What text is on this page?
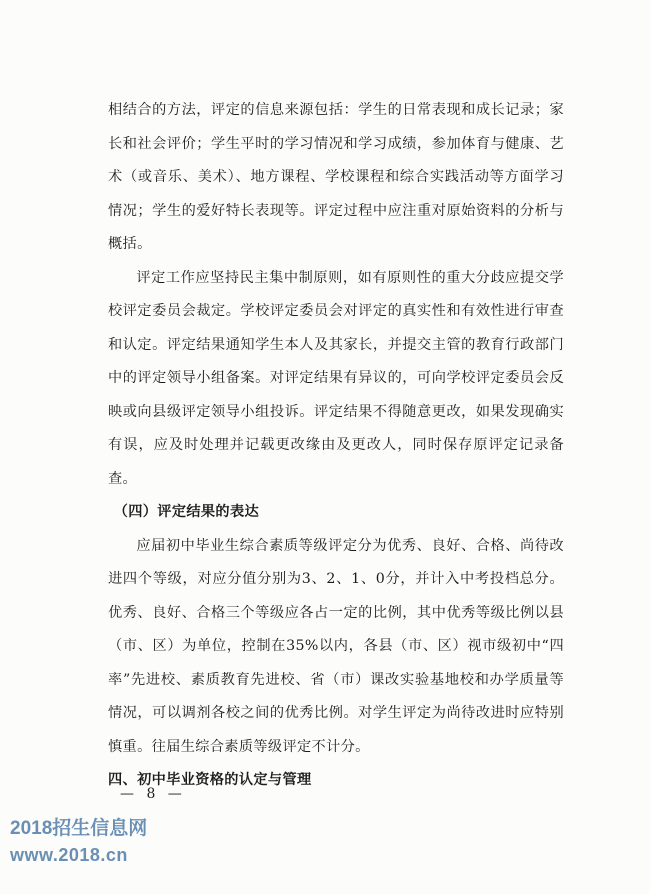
相结合的方法，评定的信息来源包括：学生的日常表现和成长记录；家长和社会评价；学生平时的学习情况和学习成绩，参加体育与健康、艺术（或音乐、美术）、地方课程、学校课程和综合实践活动等方面学习情况；学生的爱好特长表现等。评定过程中应注重对原始资料的分析与概括。

评定工作应坚持民主集中制原则，如有原则性的重大分歧应提交学校评定委员会裁定。学校评定委员会对评定的真实性和有效性进行审查和认定。评定结果通知学生本人及其家长，并提交主管的教育行政部门中的评定领导小组备案。对评定结果有异议的，可向学校评定委员会反映或向县级评定领导小组投诉。评定结果不得随意更改，如果发现确实有误，应及时处理并记载更改缘由及更改人，同时保存原评定记录备查。

（四）评定结果的表达

应届初中毕业生综合素质等级评定分为优秀、良好、合格、尚待改进四个等级，对应分值分别为3、2、1、0分，并计入中考投档总分。优秀、良好、合格三个等级应各占一定的比例，其中优秀等级比例以县（市、区）为单位，控制在35%以内，各县（市、区）视市级初中“四率”先进校、素质教育先进校、省（市）课改实验基地校和办学质量等情况，可以调剂各校之间的优秀比例。对学生评定为尚待改进时应特别慎重。往届生综合素质等级评定不计分。

四、初中毕业资格的认定与管理

— 8 —
2018招生信息网
www.2018.cn
